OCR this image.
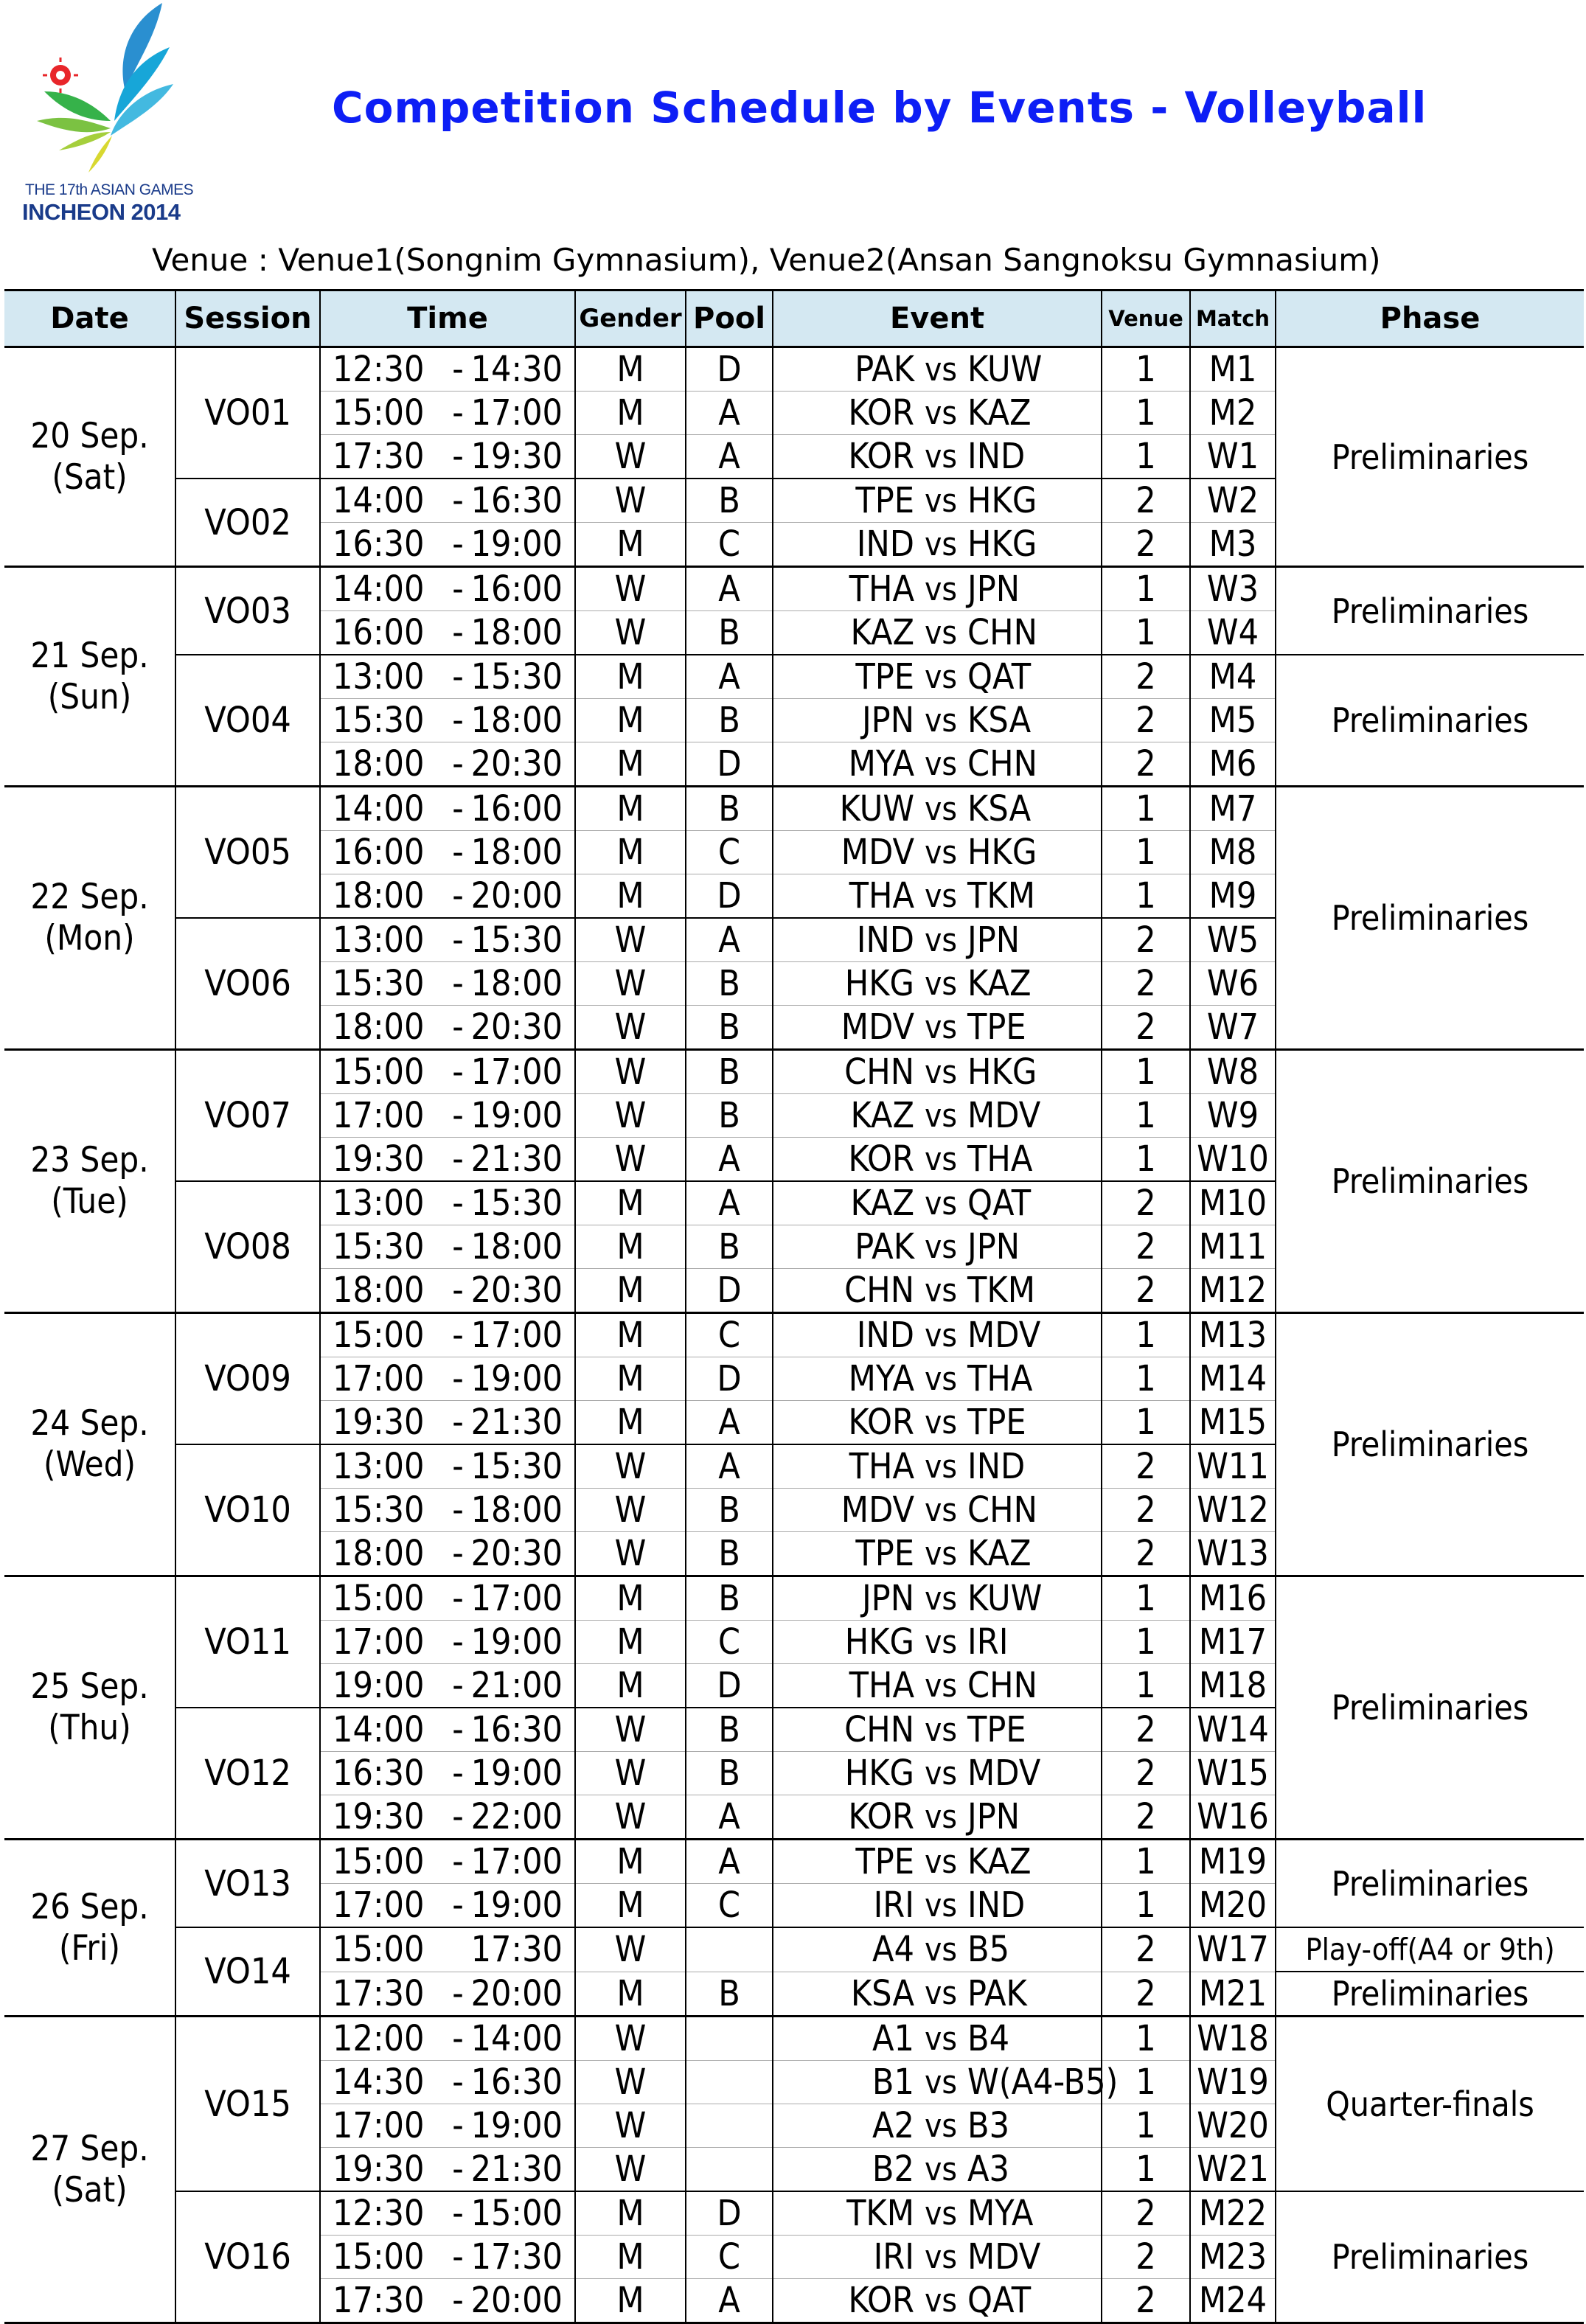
THE 17th ASIAN GAMES
INCHEON 2014
Competition Schedule by Events - Volleyball
Venue : Venue1(Songnim Gymnasium), Venue2(Ansan Sangnoksu Gymnasium)
Date	Session	Time			Gender	Pool	Event			Venue	Match	Phase

20 Sep.
(Sat)	VO01	12:30	-	14:30	M	D	PAK	vs	KUW	1	M1	Preliminaries
		15:00	-	17:00	M	A	KOR	vs	KAZ	1	M2	
		17:30	-	19:30	W	A	KOR	vs	IND	1	W1	
	VO02	14:00	-	16:30	W	B	TPE	vs	HKG	2	W2	
		16:30	-	19:00	M	C	IND	vs	HKG	2	M3	

21 Sep.
(Sun)	VO03	14:00	-	16:00	W	A	THA	vs	JPN	1	W3	Preliminaries
		16:00	-	18:00	W	B	KAZ	vs	CHN	1	W4	
	VO04	13:00	-	15:30	M	A	TPE	vs	QAT	2	M4	Preliminaries
		15:30	-	18:00	M	B	JPN	vs	KSA	2	M5	
		18:00	-	20:30	M	D	MYA	vs	CHN	2	M6	

22 Sep.
(Mon)	VO05	14:00	-	16:00	M	B	KUW	vs	KSA	1	M7	Preliminaries
		16:00	-	18:00	M	C	MDV	vs	HKG	1	M8	
		18:00	-	20:00	M	D	THA	vs	TKM	1	M9	
	VO06	13:00	-	15:30	W	A	IND	vs	JPN	2	W5	
		15:30	-	18:00	W	B	HKG	vs	KAZ	2	W6	
		18:00	-	20:30	W	B	MDV	vs	TPE	2	W7	

23 Sep.
(Tue)	VO07	15:00	-	17:00	W	B	CHN	vs	HKG	1	W8	Preliminaries
		17:00	-	19:00	W	B	KAZ	vs	MDV	1	W9	
		19:30	-	21:30	W	A	KOR	vs	THA	1	W10	
	VO08	13:00	-	15:30	M	A	KAZ	vs	QAT	2	M10	
		15:30	-	18:00	M	B	PAK	vs	JPN	2	M11	
		18:00	-	20:30	M	D	CHN	vs	TKM	2	M12	

24 Sep.
(Wed)	VO09	15:00	-	17:00	M	C	IND	vs	MDV	1	M13	Preliminaries
		17:00	-	19:00	M	D	MYA	vs	THA	1	M14	
		19:30	-	21:30	M	A	KOR	vs	TPE	1	M15	
	VO10	13:00	-	15:30	W	A	THA	vs	IND	2	W11	
		15:30	-	18:00	W	B	MDV	vs	CHN	2	W12	
		18:00	-	20:30	W	B	TPE	vs	KAZ	2	W13	

25 Sep.
(Thu)	VO11	15:00	-	17:00	M	B	JPN	vs	KUW	1	M16	Preliminaries
		17:00	-	19:00	M	C	HKG	vs	IRI	1	M17	
		19:00	-	21:00	M	D	THA	vs	CHN	1	M18	
	VO12	14:00	-	16:30	W	B	CHN	vs	TPE	2	W14	
		16:30	-	19:00	W	B	HKG	vs	MDV	2	W15	
		19:30	-	22:00	W	A	KOR	vs	JPN	2	W16	

26 Sep.
(Fri)	VO13	15:00	-	17:00	M	A	TPE	vs	KAZ	1	M19	Preliminaries
		17:00	-	19:00	M	C	IRI	vs	IND	1	M20	
	VO14	15:00		17:30	W		A4	vs	B5	2	W17	Play-off(A4 or 9th)
		17:30	-	20:00	M	B	KSA	vs	PAK	2	M21	Preliminaries

27 Sep.
(Sat)	VO15	12:00	-	14:00	W		A1	vs	B4	1	W18	Quarter-finals
		14:30	-	16:30	W		B1	vs	W(A4-B5)	1	W19	
		17:00	-	19:00	W		A2	vs	B3	1	W20	
		19:30	-	21:30	W		B2	vs	A3	1	W21	
	VO16	12:30	-	15:00	M	D	TKM	vs	MYA	2	M22	Preliminaries
		15:00	-	17:30	M	C	IRI	vs	MDV	2	M23	
		17:30	-	20:00	M	A	KOR	vs	QAT	2	M24	
